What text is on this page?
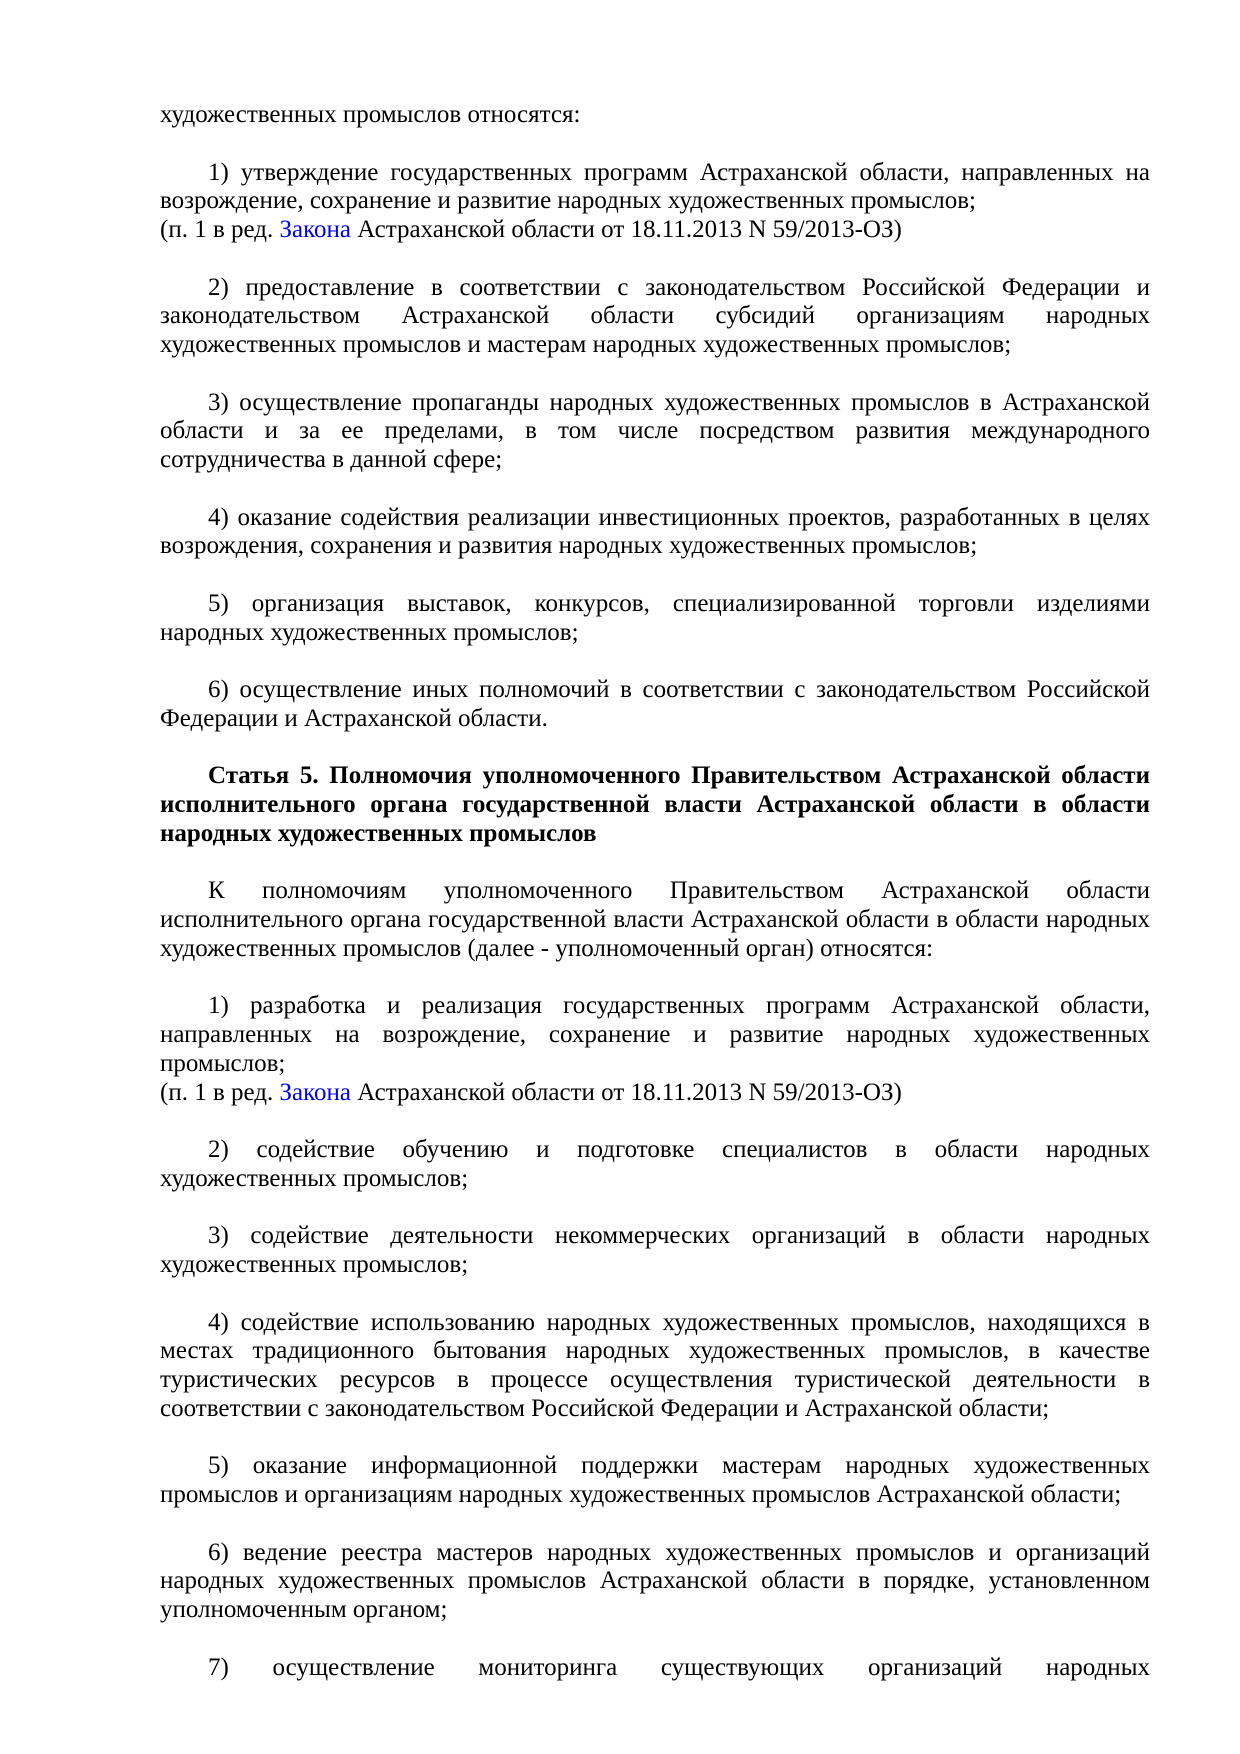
художественных промыслов относятся:

1) утверждение государственных программ Астраханской области, направленных на возрождение, сохранение и развитие народных художественных промыслов;

(п. 1 в ред. Закона Астраханской области от 18.11.2013 N 59/2013-ОЗ)

2) предоставление в соответствии с законодательством Российской Федерации и законодательством Астраханской области субсидий организациям народных художественных промыслов и мастерам народных художественных промыслов;

3) осуществление пропаганды народных художественных промыслов в Астраханской области и за ее пределами, в том числе посредством развития международного сотрудничества в данной сфере;

4) оказание содействия реализации инвестиционных проектов, разработанных в целях возрождения, сохранения и развития народных художественных промыслов;

5) организация выставок, конкурсов, специализированной торговли изделиями народных художественных промыслов;

6) осуществление иных полномочий в соответствии с законодательством Российской Федерации и Астраханской области.

Статья 5. Полномочия уполномоченного Правительством Астраханской области исполнительного органа государственной власти Астраханской области в области народных художественных промыслов

К полномочиям уполномоченного Правительством Астраханской области исполнительного органа государственной власти Астраханской области в области народных художественных промыслов (далее - уполномоченный орган) относятся:

1) разработка и реализация государственных программ Астраханской области, направленных на возрождение, сохранение и развитие народных художественных промыслов;

(п. 1 в ред. Закона Астраханской области от 18.11.2013 N 59/2013-ОЗ)

2) содействие обучению и подготовке специалистов в области народных художественных промыслов;

3) содействие деятельности некоммерческих организаций в области народных художественных промыслов;

4) содействие использованию народных художественных промыслов, находящихся в местах традиционного бытования народных художественных промыслов, в качестве туристических ресурсов в процессе осуществления туристической деятельности в соответствии с законодательством Российской Федерации и Астраханской области;

5) оказание информационной поддержки мастерам народных художественных промыслов и организациям народных художественных промыслов Астраханской области;

6) ведение реестра мастеров народных художественных промыслов и организаций народных художественных промыслов Астраханской области в порядке, установленном уполномоченным органом;

7) осуществление мониторинга существующих организаций народных
